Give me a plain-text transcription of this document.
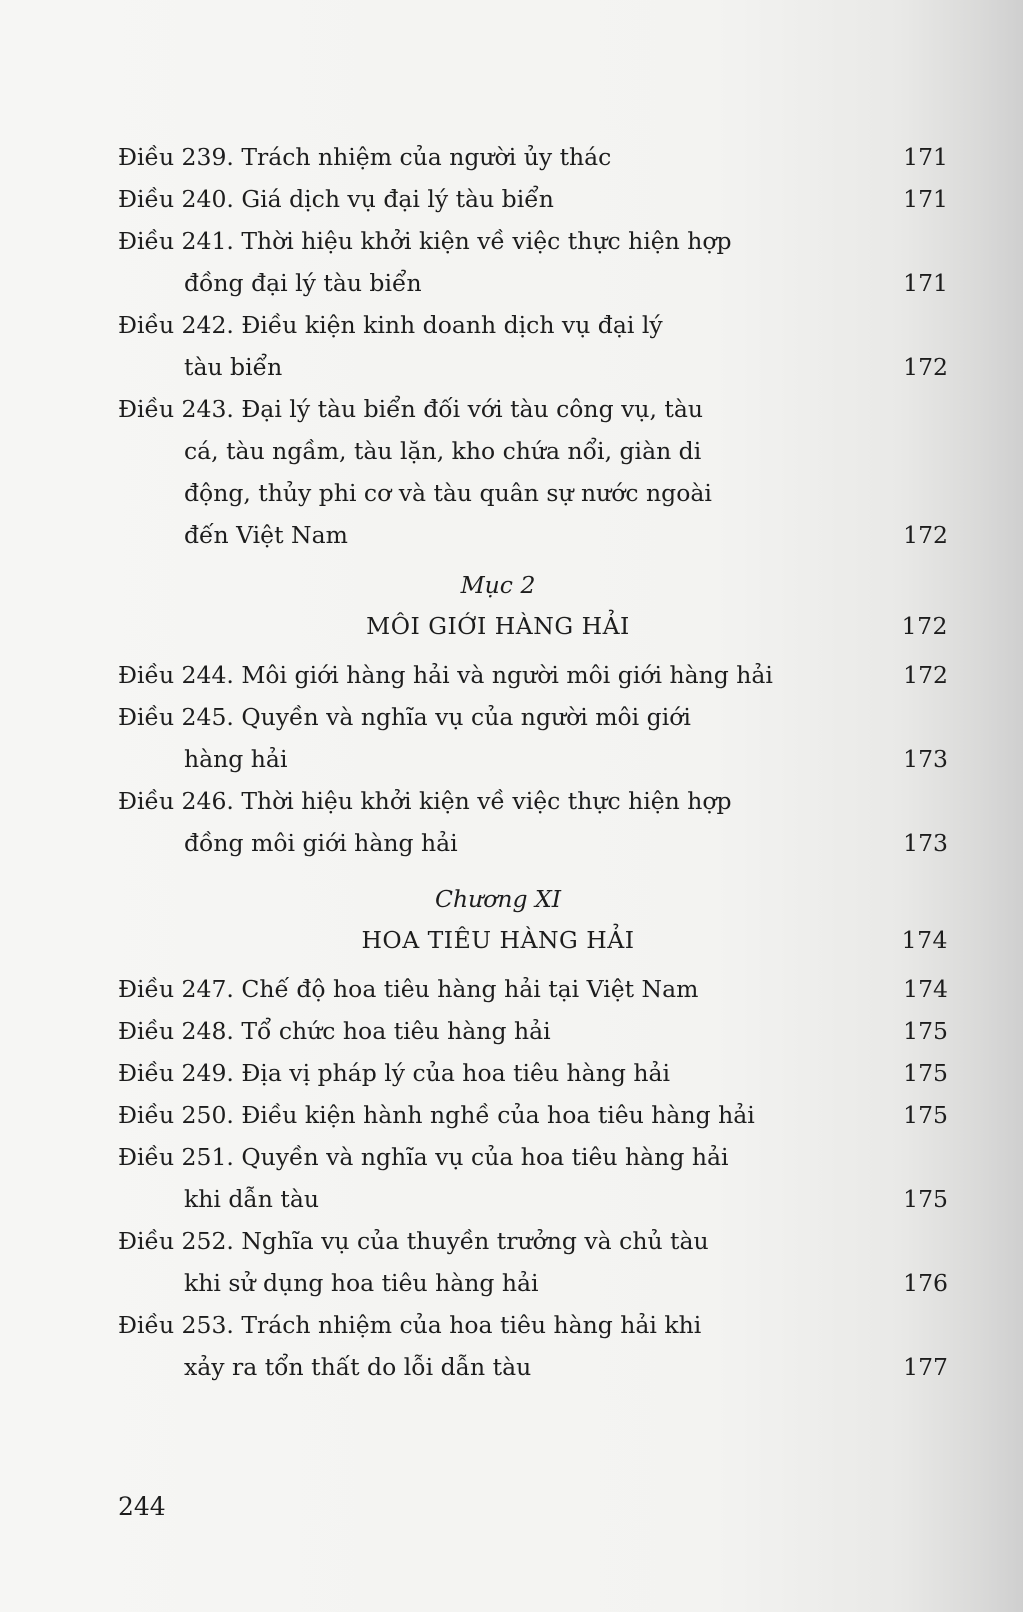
Điều 239. Trách nhiệm của người ủy thác	171
Điều 240. Giá dịch vụ đại lý tàu biển	171
Điều 241. Thời hiệu khởi kiện về việc thực hiện hợp
đồng đại lý tàu biển	171
Điều 242. Điều kiện kinh doanh dịch vụ đại lý
tàu biển	172
Điều 243. Đại lý tàu biển đối với tàu công vụ, tàu
cá, tàu ngầm, tàu lặn, kho chứa nổi, giàn di
động, thủy phi cơ và tàu quân sự nước ngoài
đến Việt Nam	172
Mục 2
MÔI GIỚI HÀNG HẢI	172
Điều 244. Môi giới hàng hải và người môi giới hàng hải	172
Điều 245. Quyền và nghĩa vụ của người môi giới
hàng hải	173
Điều 246. Thời hiệu khởi kiện về việc thực hiện hợp
đồng môi giới hàng hải	173
Chương XI
HOA TIÊU HÀNG HẢI	174
Điều 247. Chế độ hoa tiêu hàng hải tại Việt Nam	174
Điều 248. Tổ chức hoa tiêu hàng hải	175
Điều 249. Địa vị pháp lý của hoa tiêu hàng hải	175
Điều 250. Điều kiện hành nghề của hoa tiêu hàng hải	175
Điều 251. Quyền và nghĩa vụ của hoa tiêu hàng hải
khi dẫn tàu	175
Điều 252. Nghĩa vụ của thuyền trưởng và chủ tàu
khi sử dụng hoa tiêu hàng hải	176
Điều 253. Trách nhiệm của hoa tiêu hàng hải khi
xảy ra tổn thất do lỗi dẫn tàu	177
244
